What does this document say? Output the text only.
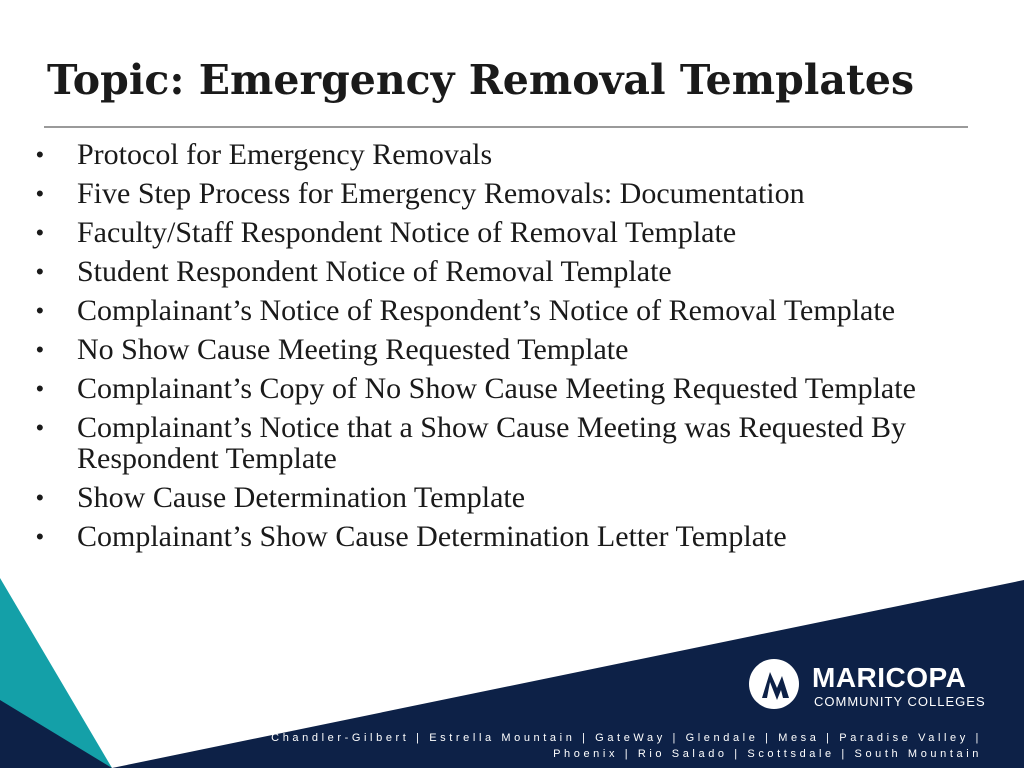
Topic: Emergency Removal Templates
•	Protocol for Emergency Removals
•	Five Step Process for Emergency Removals: Documentation
•	Faculty/Staff Respondent Notice of Removal Template
•	Student Respondent Notice of Removal Template
•	Complainant’s Notice of Respondent’s Notice of Removal Template
•	No Show Cause Meeting Requested Template
•	Complainant’s Copy of No Show Cause Meeting Requested Template
•	Complainant’s Notice that a Show Cause Meeting was Requested By Respondent Template
•	Show Cause Determination Template
•	Complainant’s Show Cause Determination Letter Template
MARICOPA
COMMUNITY COLLEGES
Chandler-Gilbert | Estrella Mountain | GateWay | Glendale | Mesa | Paradise Valley |
Phoenix | Rio Salado | Scottsdale | South Mountain
